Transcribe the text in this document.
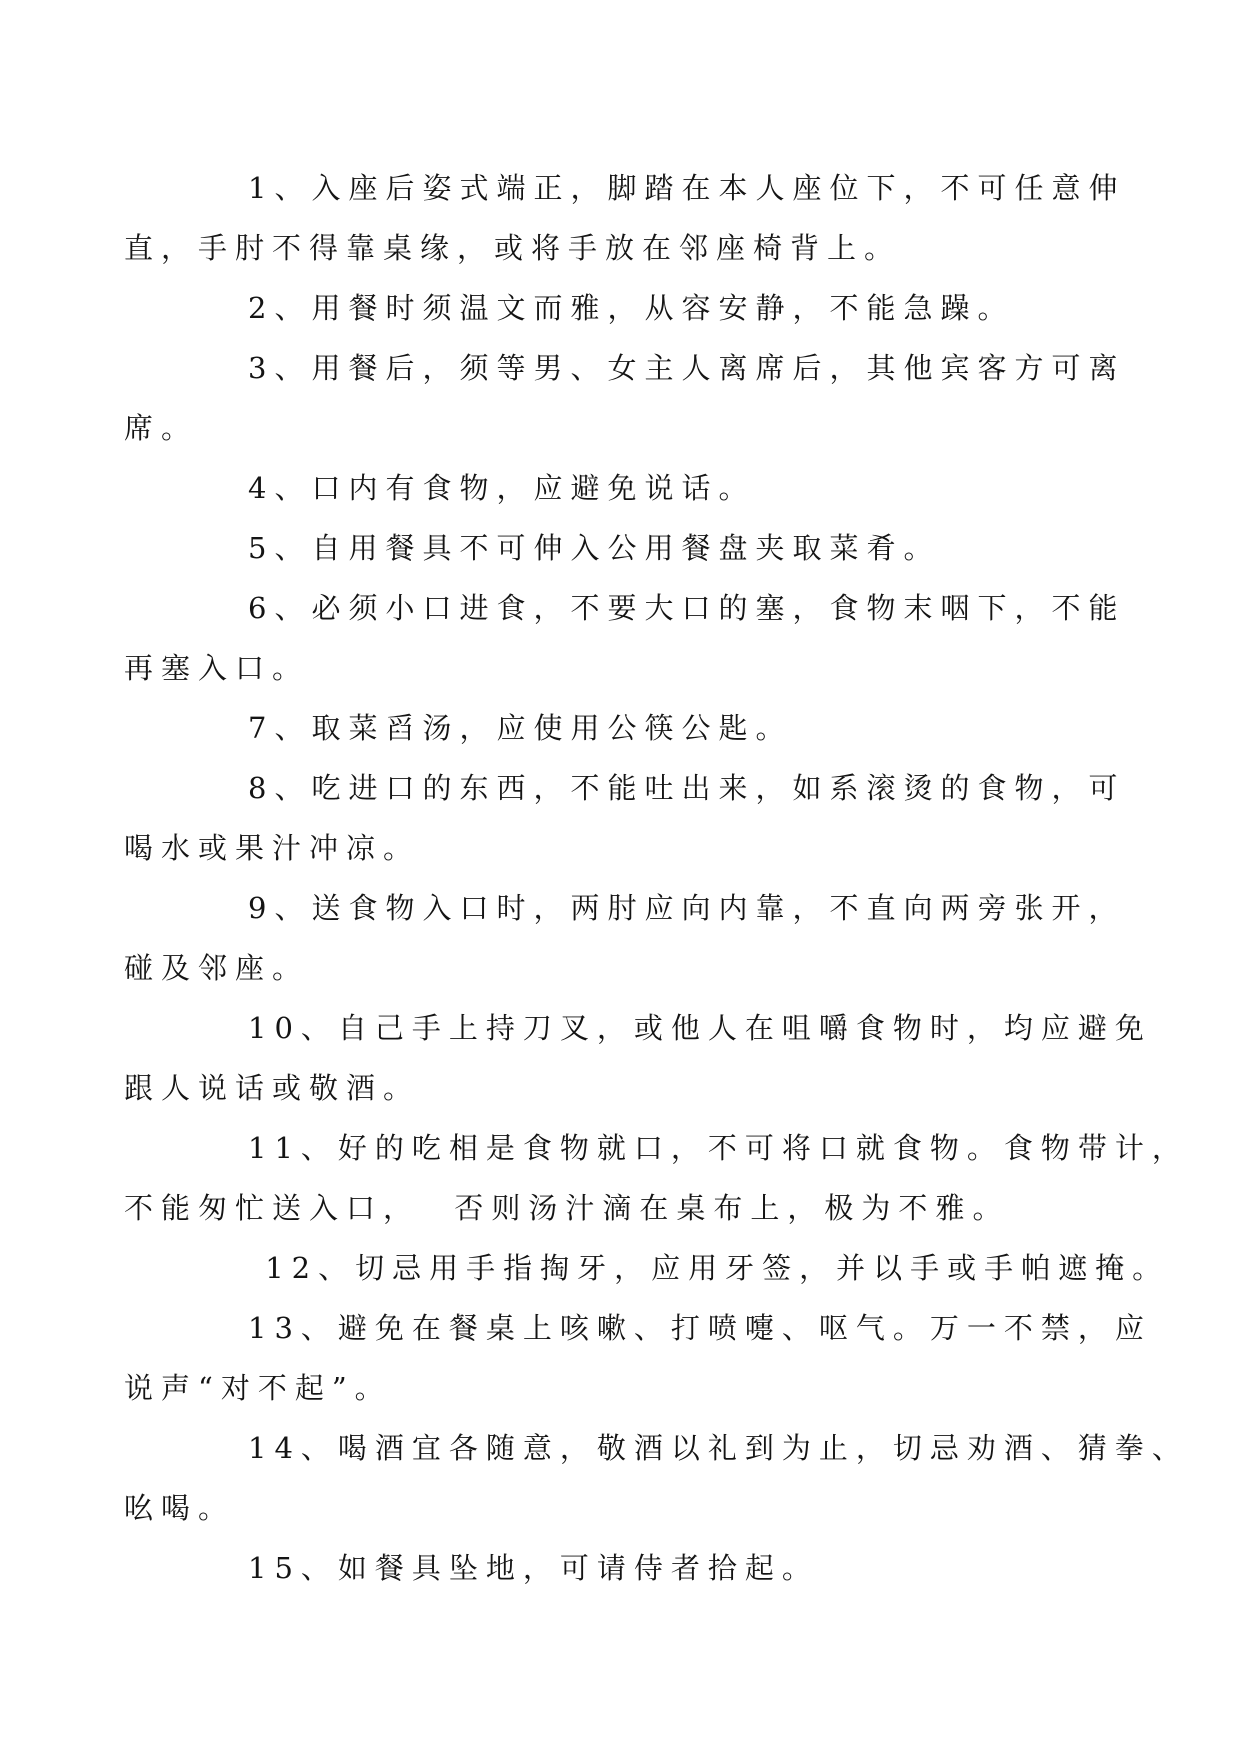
1、入座后姿式端正，脚踏在本人座位下，不可任意伸
直，手肘不得靠桌缘，或将手放在邻座椅背上。

2、用餐时须温文而雅，从容安静，不能急躁。

3、用餐后，须等男、女主人离席后，其他宾客方可离
席。

4、口内有食物，应避免说话。

5、自用餐具不可伸入公用餐盘夹取菜肴。

6、必须小口进食，不要大口的塞，食物末咽下，不能
再塞入口。

7、取菜舀汤，应使用公筷公匙。

8、吃进口的东西，不能吐出来，如系滚烫的食物，可
喝水或果汁冲凉。

9、送食物入口时，两肘应向内靠，不直向两旁张开，
碰及邻座。

10、自己手上持刀叉，或他人在咀嚼食物时，均应避免
跟人说话或敬酒。

11、好的吃相是食物就口，不可将口就食物。食物带计，
不能匆忙送入口，  否则汤汁滴在桌布上，极为不雅。

12、切忌用手指掏牙，应用牙签，并以手或手帕遮掩。

13、避免在餐桌上咳嗽、打喷嚏、呕气。万一不禁，应
说声“对不起”。

14、喝酒宜各随意，敬酒以礼到为止，切忌劝酒、猜拳、
吆喝。

15、如餐具坠地，可请侍者拾起。
